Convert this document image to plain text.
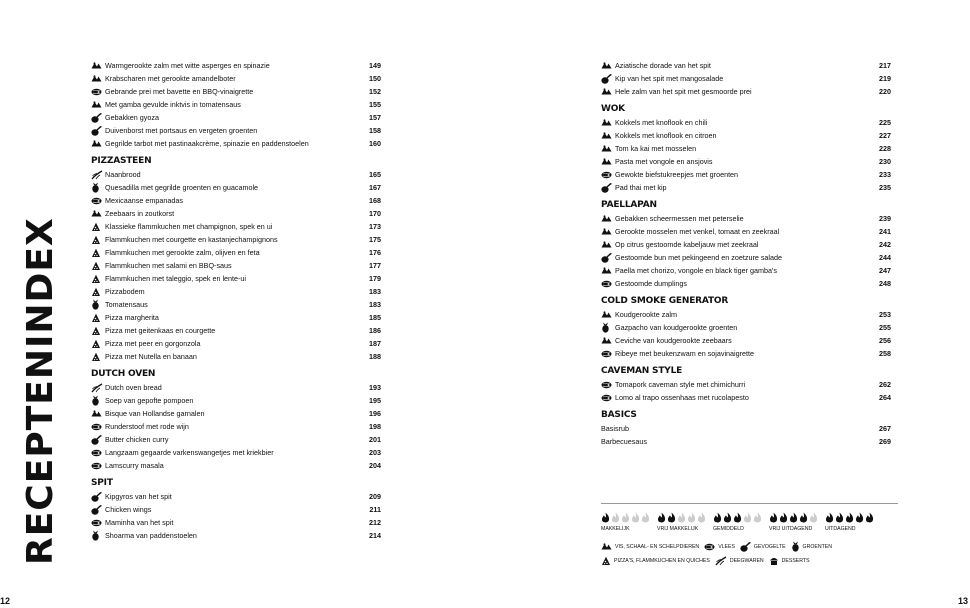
RECEPTENINDEX
Warmgerookte zalm met witte asperges en spinazie	149
Krabscharen met gerookte amandelboter	150
Gebrande prei met bavette en BBQ-vinaigrette	152
Met gamba gevulde inktvis in tomatensaus	155
Gebakken gyoza	157
Duivenborst met portsaus en vergeten groenten	158
Gegrilde tarbot met pastinaakcrème, spinazie en paddenstoelen	160
PIZZASTEEN
Naanbrood	165
Quesadilla met gegrilde groenten en guacamole	167
Mexicaanse empanadas	168
Zeebaars in zoutkorst	170
Klassieke flammkuchen met champignon, spek en ui	173
Flammkuchen met courgette en kastanjechampignons	175
Flammkuchen met gerookte zalm, olijven en feta	176
Flammkuchen met salami en BBQ-saus	177
Flammkuchen met taleggio, spek en lente-ui	179
Pizzabodem	183
Tomatensaus	183
Pizza margherita	185
Pizza met geitenkaas en courgette	186
Pizza met peer en gorgonzola	187
Pizza met Nutella en banaan	188
DUTCH OVEN
Dutch oven bread	193
Soep van gepofte pompoen	195
Bisque van Hollandse garnalen	196
Runderstoof met rode wijn	198
Butter chicken curry	201
Langzaam gegaarde varkenswangetjes met kriekbier	203
Lamscurry masala	204
SPIT
Kipgyros van het spit	209
Chicken wings	211
Maminha van het spit	212
Shoarma van paddenstoelen	214
Aziatische dorade van het spit	217
Kip van het spit met mangosalade	219
Hele zalm van het spit met gesmoorde prei	220
WOK
Kokkels met knoflook en chili	225
Kokkels met knoflook en citroen	227
Tom ka kai met mosselen	228
Pasta met vongole en ansjovis	230
Gewokte biefstukreepjes met groenten	233
Pad thai met kip	235
PAELLAPAN
Gebakken scheermessen met peterselie	239
Gerookte mosselen met venkel, tomaat en zeekraal	241
Op citrus gestoomde kabeljauw met zeekraal	242
Gestoomde bun met pekingeend en zoetzure salade	244
Paella met chorizo, vongole en black tiger gamba's	247
Gestoomde dumplings	248
COLD SMOKE GENERATOR
Koudgerookte zalm	253
Gazpacho van koudgerookte groenten	255
Ceviche van koudgerookte zeebaars	256
Ribeye met beukenzwam en sojavinaigrette	258
CAVEMAN STYLE
Tomapork caveman style met chimichurri	262
Lomo al trapo ossenhaas met rucolapesto	264
BASICS
Basisrub	267
Barbecuesaus	269
MAKKELIJK	VRIJ MAKKELIJK	GEMIDDELD	VRIJ UITDAGEND	UITDAGEND
VIS, SCHAAL- EN SCHELPDIEREN	VLEES	GEVOGELTE	GROENTEN
PIZZA'S, FLAMMKUCHEN EN QUICHES	DEEGWAREN	DESSERTS
12	13
